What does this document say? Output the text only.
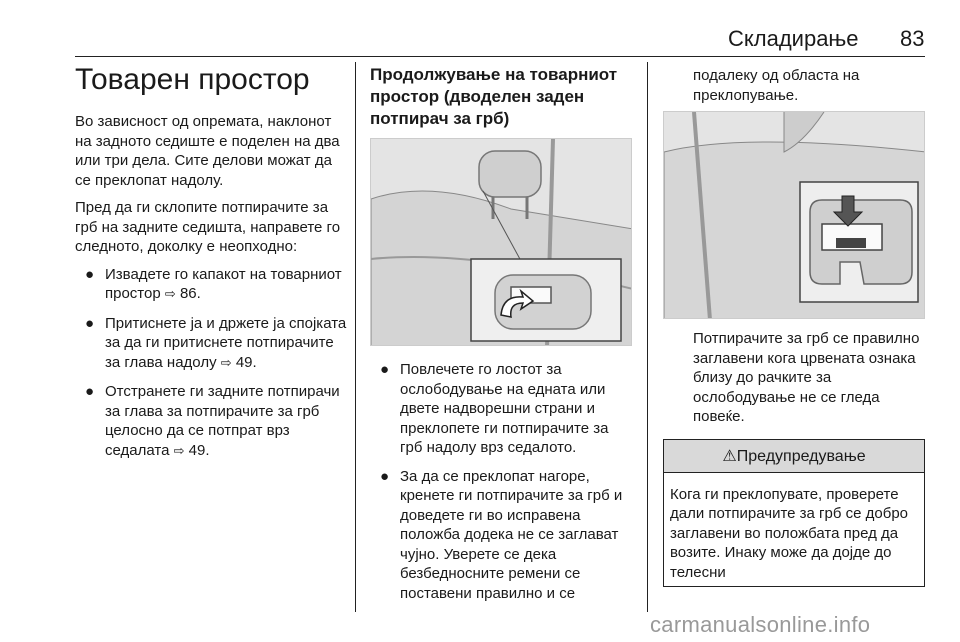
Складирање 83
Товарен простор

Во зависност од опремата, наклонот на задното седиште е поделен на два или три дела. Сите делови можат да се преклопат надолу.

Пред да ги склопите потпирачите за грб на задните седишта, направете го следното, доколку е неопходно:

● Извадете го капакот на товарниот простор ⇨ 86.
● Притиснете ја и држете ја спојката за да ги притиснете потпирачите за глава надолу ⇨ 49.
● Отстранете ги задните потпирачи за глава за потпирачите за грб целосно да се потпрат врз седалата ⇨ 49.
Продолжување на товарниот простор (дводелен заден потпирач за грб)
● Повлечете го лостот за ослободување на едната или двете надворешни страни и преклопете ги потпирачите за грб надолу врз седалото.
● За да се преклопат нагоре, кренете ги потпирачите за грб и доведете ги во исправена положба додека не се заглават чујно. Уверете се дека безбедносните ремени се поставени правилно и се

подалеку од областа на преклопување.

Потпирачите за грб се правилно заглавени кога црвената ознака близу до рачките за ослободување не се гледа повеќе.

⚠Предупредување
Кога ги преклопувате, проверете дали потпирачите за грб се добро заглавени во положбата пред да возите. Инаку може да дојде до телесни
carmanualsonline.info
